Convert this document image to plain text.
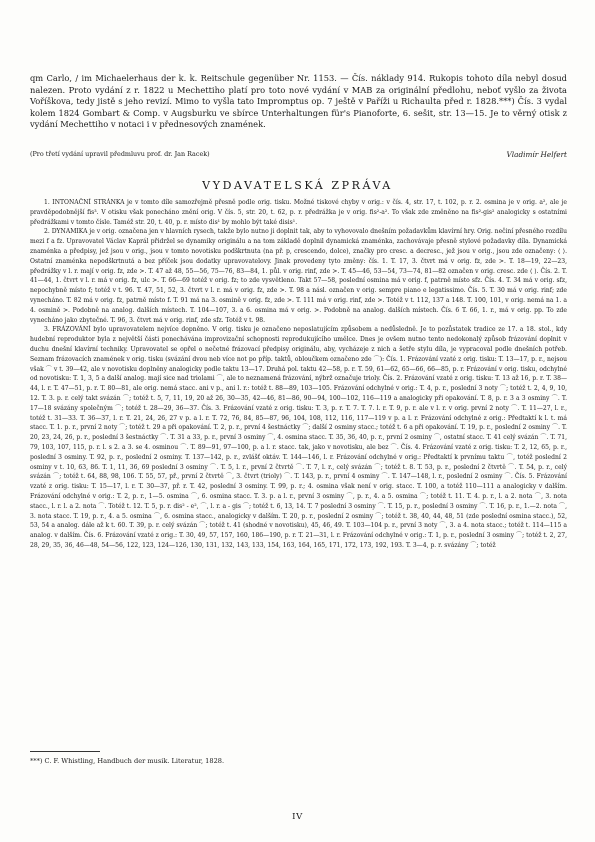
qm Carlo, / im Michaelerhaus der k. k. Reitschule gegenüber Nr. 1153. — Čís. náklady 914. Rukopis tohoto díla nebyl dosud nalezen. Proto vydání z r. 1822 u Mechettiho platí pro toto nové vydání v MAB za originální předlohu, neboť vyšlo za života Voříškova, tedy jistě s jeho revizí. Mimo to vyšla tato Impromptus op. 7 ještě v Paříži u Richaulta před r. 1828.***) Čís. 3 vydal kolem 1824 Gombart & Comp. v Augsburku ve sbírce Unterhaltungen für's Pianoforte, 6. sešit, str. 13—15. Je to věrný otisk z vydání Mechettiho v notaci i v přednesových znamének.

(Pro třetí vydání upravil předmluvu prof. dr. Jan Racek)	Vladimír Helfert
VYDAVATELSKÁ ZPRÁVA

1. INTONAČNÍ STRÁNKA je v tomto díle samozřejmě přesně podle orig. tisku. Možné tiskové chyby v orig.: v čís. 4, str. 17, t. 102, p. r. 2. osmina je v orig. a², ale je pravděpodobnější fis³. V otisku však ponecháno znění orig. V čís. 5, str. 20, t. 62, p. r. předrážka je v orig. fis²-a². To však zde změněno na fis²-gis² analogicky s ostatními předrážkami v tomto čísle. Taméž str. 20, t. 40, p. r. místo dis¹ by mohlo být také disis¹.

2. DYNAMIKA je v orig. označena jen v hlavních rysech, takže bylo nutno ji doplnit tak, aby to vyhovovalo dnešním požadavkům klavírní hry. Orig. nečiní přesného rozdílu mezi f a fz. Upravovatel Václav Kaprál přidržel se dynamiky originálu a na tom základě doplnil dynamická znaménka, zachovávaje přesně stylové požadavky díla. Dynamická znaménka a předpisy, jež jsou v orig., jsou v tomto novotisku podškrtnuta (na př. p, crescendo, dolce), značky pro cresc. a decresc., jež jsou v orig., jsou zde označeny: ⟨ ⟩. Ostatní znaménka nepodškrtnutá a bez příček jsou dodatky upravovatelovy. Jinak provedeny tyto změny: čís. 1. T. 17, 3. čtvrt má v orig. fz, zde >. T. 18—19, 22—23, předrážky v l. r. mají v orig. fz, zde >. T. 47 až 48, 55—56, 75—76, 83—84, 1. půl. v orig. rinf, zde >. T. 45—46, 53—54, 73—74, 81—82 označen v orig. cresc. zde ⟨ ⟩. Čís. 2. T. 41—44, 1. čtvrt v l. r. má v orig. fz, ulc >. T. 66—69 totéž v orig. fz; to zde vysvětleno. Takt 57—58, poslední osmina má v orig. f, patrně místo sfz. Čís. 4. T. 34 má v orig. sfz, nepochybně místo f; totéž v t. 96. T. 47, 51, 52, 3. čtvrt v l. r. má v orig. fz, zde >. T. 98 a násl. označen v orig. sempre piano e legatissimo. Čís. 5. T. 30 má v orig. rinf; zde vynecháno. T. 82 má v orig. fz, patrně místo f. T. 91 má na 3. osmině v orig. fz, zde >. T. 111 má v orig. rinf, zde >. Totéž v t. 112, 137 a 148. T. 100, 101, v orig. nemá na 1. a 4. osmině >. Podobně na analog. dalších místech. T. 104—107, 3. a 6. osmina má v orig. >. Podobně na analog. dalších místech. Čís. 6 T. 66, 1. r., má v orig. pp. To zde vynecháno jako zbytečné. T. 96, 3. čtvrt má v orig. rinf, zde sfz. Totéž v t. 98.

3. FRÁZOVÁNÍ bylo upravovatelem nejvíce dopněno. V orig. tisku je označeno neposlatujícím způsobem a nedůsledně. Je to pozůstatek tradice ze 17. a 18. stol., kdy hudební reproduktor byla z největší části ponechávána improvizační schopnosti reprodukujícího umělce. Dnes je ovšem nutno tento nedokonalý způsob frázování doplnit v duchu dnešní klavírní techniky. Upravovatel se opřel o nečetné frázovací předpisy originálu, aby, vycházeje z nich a šetře stylu díla, je vypracoval podle dnešních potřeb. Seznam frázovacích znamének v orig. tisku (svázání dvou neb více not po příp. taktů, obloučkem označeno zde ⌒): Čís. 1. Frázování vzaté z orig. tisku: T. 13—17, p. r., nejsou však ⌒ v t. 39—42, ale v novotisku doplněny analogicky podle taktu 13—17. Druhá pol. taktu 42—58, p. r. T. 59, 61—62, 65—66, 66—85, p. r. Frázování v orig. tisku, odchylné od novotisku: T. 1, 3, 5 a další analog. mají sice nad triolami ⌒, ale to neznamená frázování, nýbrž označuje trioly. Čís. 2. Frázování vzaté z orig. tisku: T. 13 až 16, p. r. T. 38—44, l. r. T. 47—51, p. r. T. 80—81, ale orig. nemá stacc. ani v p., ani l. r.: totéž t. 88—89, 103—105. Frázování odchylné v orig.: T. 4, p. r., poslední 3 noty ⌒; totéž t. 2, 4, 9, 10, 12. T. 3. p. r. celý takt svázán ⌒; totéž t. 5, 7, 11, 19, 20 až 26, 30—35, 42—46, 81—86, 90—94, 100—102, 116—119 a analogicky při opakování. T. 8, p. r. 3 a 3 osminy ⌒. T. 17—18 svázány společným ⌒; totéž t. 28—29, 36—37. Čís. 3. Frázování vzaté z orig. tisku: T. 3, p. r. T. 7. T. 7. l. r. T. 9, p. r. ale v l. r. v orig. první 2 noty ⌒. T. 11—27, l. r., totéž t. 31—33. T. 36—37, l. r. T. 21, 24, 26, 27 v p. a l. r. T. 72, 76, 84, 85—87, 96, 104, 108, 112, 116, 117—119 v p. a l. r. Frázování odchylné z orig.: Předtaktí k l. t. má stacc. T. 1. p. r., první 2 noty ⌒; totéž t. 29 a při opakování. T. 2, p. r., první 4 šestnáctky ⌒; další 2 osminy stacc.; totéž t. 6 a při opakování. T. 19, p. r., poslední 2 osminy ⌒. T. 20, 23, 24, 26, p. r., poslední 3 šestnáctky ⌒. T. 31 a 33, p. r., první 3 osminy ⌒, 4. osmina stacc. T. 35, 36, 40, p. r., první 2 osminy ⌒, ostatní stacc. T. 41 celý svázán ⌒. T. 71, 79, 103, 107, 115, p. r. l. s 2. a 3. se 4. osminou ⌒. T. 89—91, 97—100, p. a l. r. stacc. tak, jako v novotisku, ale bez ⌒. Čís. 4. Frázování vzaté z orig. tisku: T. 2, 12, 65, p. r., poslední 3 osminy. T. 92, p. r., poslední 2 osminy. T. 137—142, p. r., zvlášť oktáv. T. 144—146, l. r. Frázování odchylné v orig.: Předtaktí k prvnímu taktu ⌒, totéž poslední 2 osminy v t. 10, 63, 86. T. 1, 11, 36, 69 poslední 3 osminy ⌒. T. 5, l. r., první 2 čtvrtě ⌒. T. 7, l. r., celý svázán ⌒; totéž t. 8. T. 53, p. r., poslední 2 čtvrtě ⌒. T. 54, p. r., celý svázán ⌒; totéž t. 64, 88, 98, 106. T. 55, 57, př., první 2 čtvrtě ⌒, 3. čtvrt (trioly) ⌒. T. 143, p. r., první 4 osminy ⌒. T. 147—148, l. r., poslední 2 osminy ⌒. Čís. 5. Frázování vzaté z orig. tisku: T. 15—17, l. r. T. 30—37, př. r. T. 42, poslední 3 osminy. T. 99, p. r.; 4. osmina však není v orig. stacc. T. 100, a totéž 110—111 a analogicky v dalším. Frázování odchylné v orig.: T. 2, p. r., 1—5. osmina ⌒, 6. osmina stacc. T. 3. p. a l. r., první 3 osminy ⌒, p. r., 4. a 5. osmina ⌒; totéž t. 11. T. 4. p. r., l. a 2. nota ⌒, 3. nota stacc., l. r. l. a 2. nota ⌒. Totéž t. 12. T. 5, p. r. dis² - e², ⌒, l. r. a - gis ⌒; totéž t. 6, 13, 14. T. 7 poslední 3 osminy ⌒. T. 15, p. r., poslední 3 osminy ⌒. T. 16, p. r., 1.—2. nota ⌒, 3. nota stacc. T. 19, p. r., 4. a 5. osmina ⌒, 6. osmina stacc., analogicky v dalším. T. 20, p. r., poslední 2 osminy ⌒; totéž t. 38, 40, 44, 48, 51 (zde poslední osmina stacc.), 52, 53, 54 a analog. dále až k t. 60. T. 39, p. r. celý svázán ⌒; totéž t. 41 (shodné v novotisku), 45, 46, 49. T. 103—104 p. r., první 3 noty ⌒, 3. a 4. nota stacc.; totéž t. 114—115 a analog. v dalším. Čís. 6. Frázování vzaté z orig.: T. 30, 49, 57, 157, 160, 186—190, p. r. T. 21—31, l. r. Frázování odchylné v orig.: T. 1, p. r., poslední 3 osminy ⌒; totéž t. 2, 27, 28, 29, 35, 36, 46—48, 54—56, 122, 123, 124—126, 130, 131, 132, 143, 133, 154, 163, 164, 165, 171, 172, 173, 192, 193. T. 3—4, p. r. svázány ⌒; totéž

***) C. F. Whistling, Handbuch der musik. Literatur, 1828.
IV
